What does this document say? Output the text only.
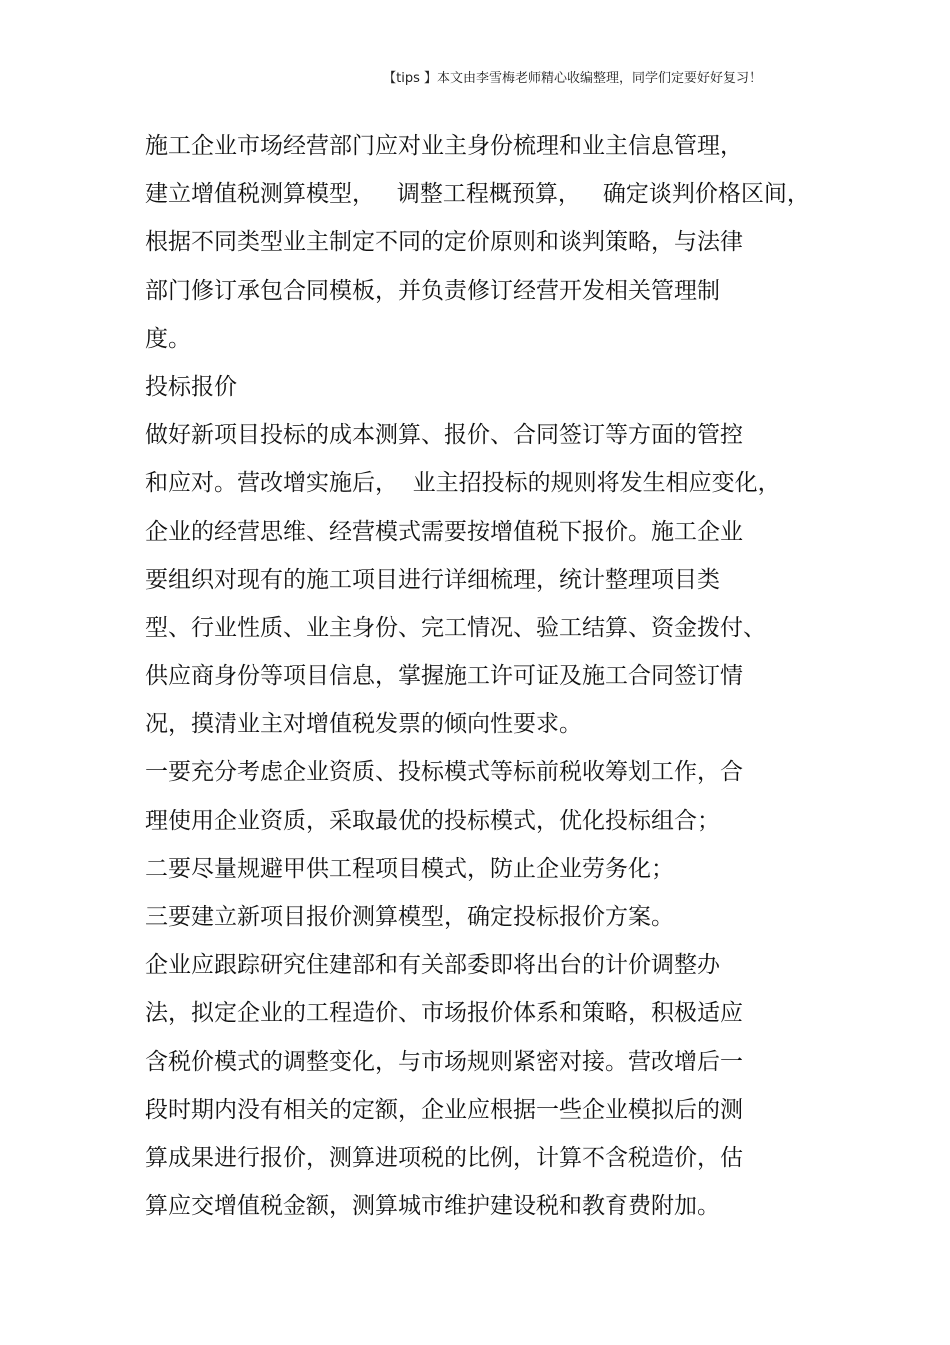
【tips 】本文由李雪梅老师精心收编整理，同学们定要好好复习！
施工企业市场经营部门应对业主身份梳理和业主信息管理，
建立增值税测算模型，   调整工程概预算，   确定谈判价格区间，
根据不同类型业主制定不同的定价原则和谈判策略，与法律
部门修订承包合同模板，并负责修订经营开发相关管理制
度。
投标报价
做好新项目投标的成本测算、报价、合同签订等方面的管控
和应对。营改增实施后，  业主招投标的规则将发生相应变化，
企业的经营思维、经营模式需要按增值税下报价。施工企业
要组织对现有的施工项目进行详细梳理，统计整理项目类
型、行业性质、业主身份、完工情况、验工结算、资金拨付、
供应商身份等项目信息，掌握施工许可证及施工合同签订情
况，摸清业主对增值税发票的倾向性要求。
一要充分考虑企业资质、投标模式等标前税收筹划工作，合
理使用企业资质，采取最优的投标模式，优化投标组合；
二要尽量规避甲供工程项目模式，防止企业劳务化；
三要建立新项目报价测算模型，确定投标报价方案。
企业应跟踪研究住建部和有关部委即将出台的计价调整办
法，拟定企业的工程造价、市场报价体系和策略，积极适应
含税价模式的调整变化，与市场规则紧密对接。营改增后一
段时期内没有相关的定额，企业应根据一些企业模拟后的测
算成果进行报价，测算进项税的比例，计算不含税造价，估
算应交增值税金额，测算城市维护建设税和教育费附加。
